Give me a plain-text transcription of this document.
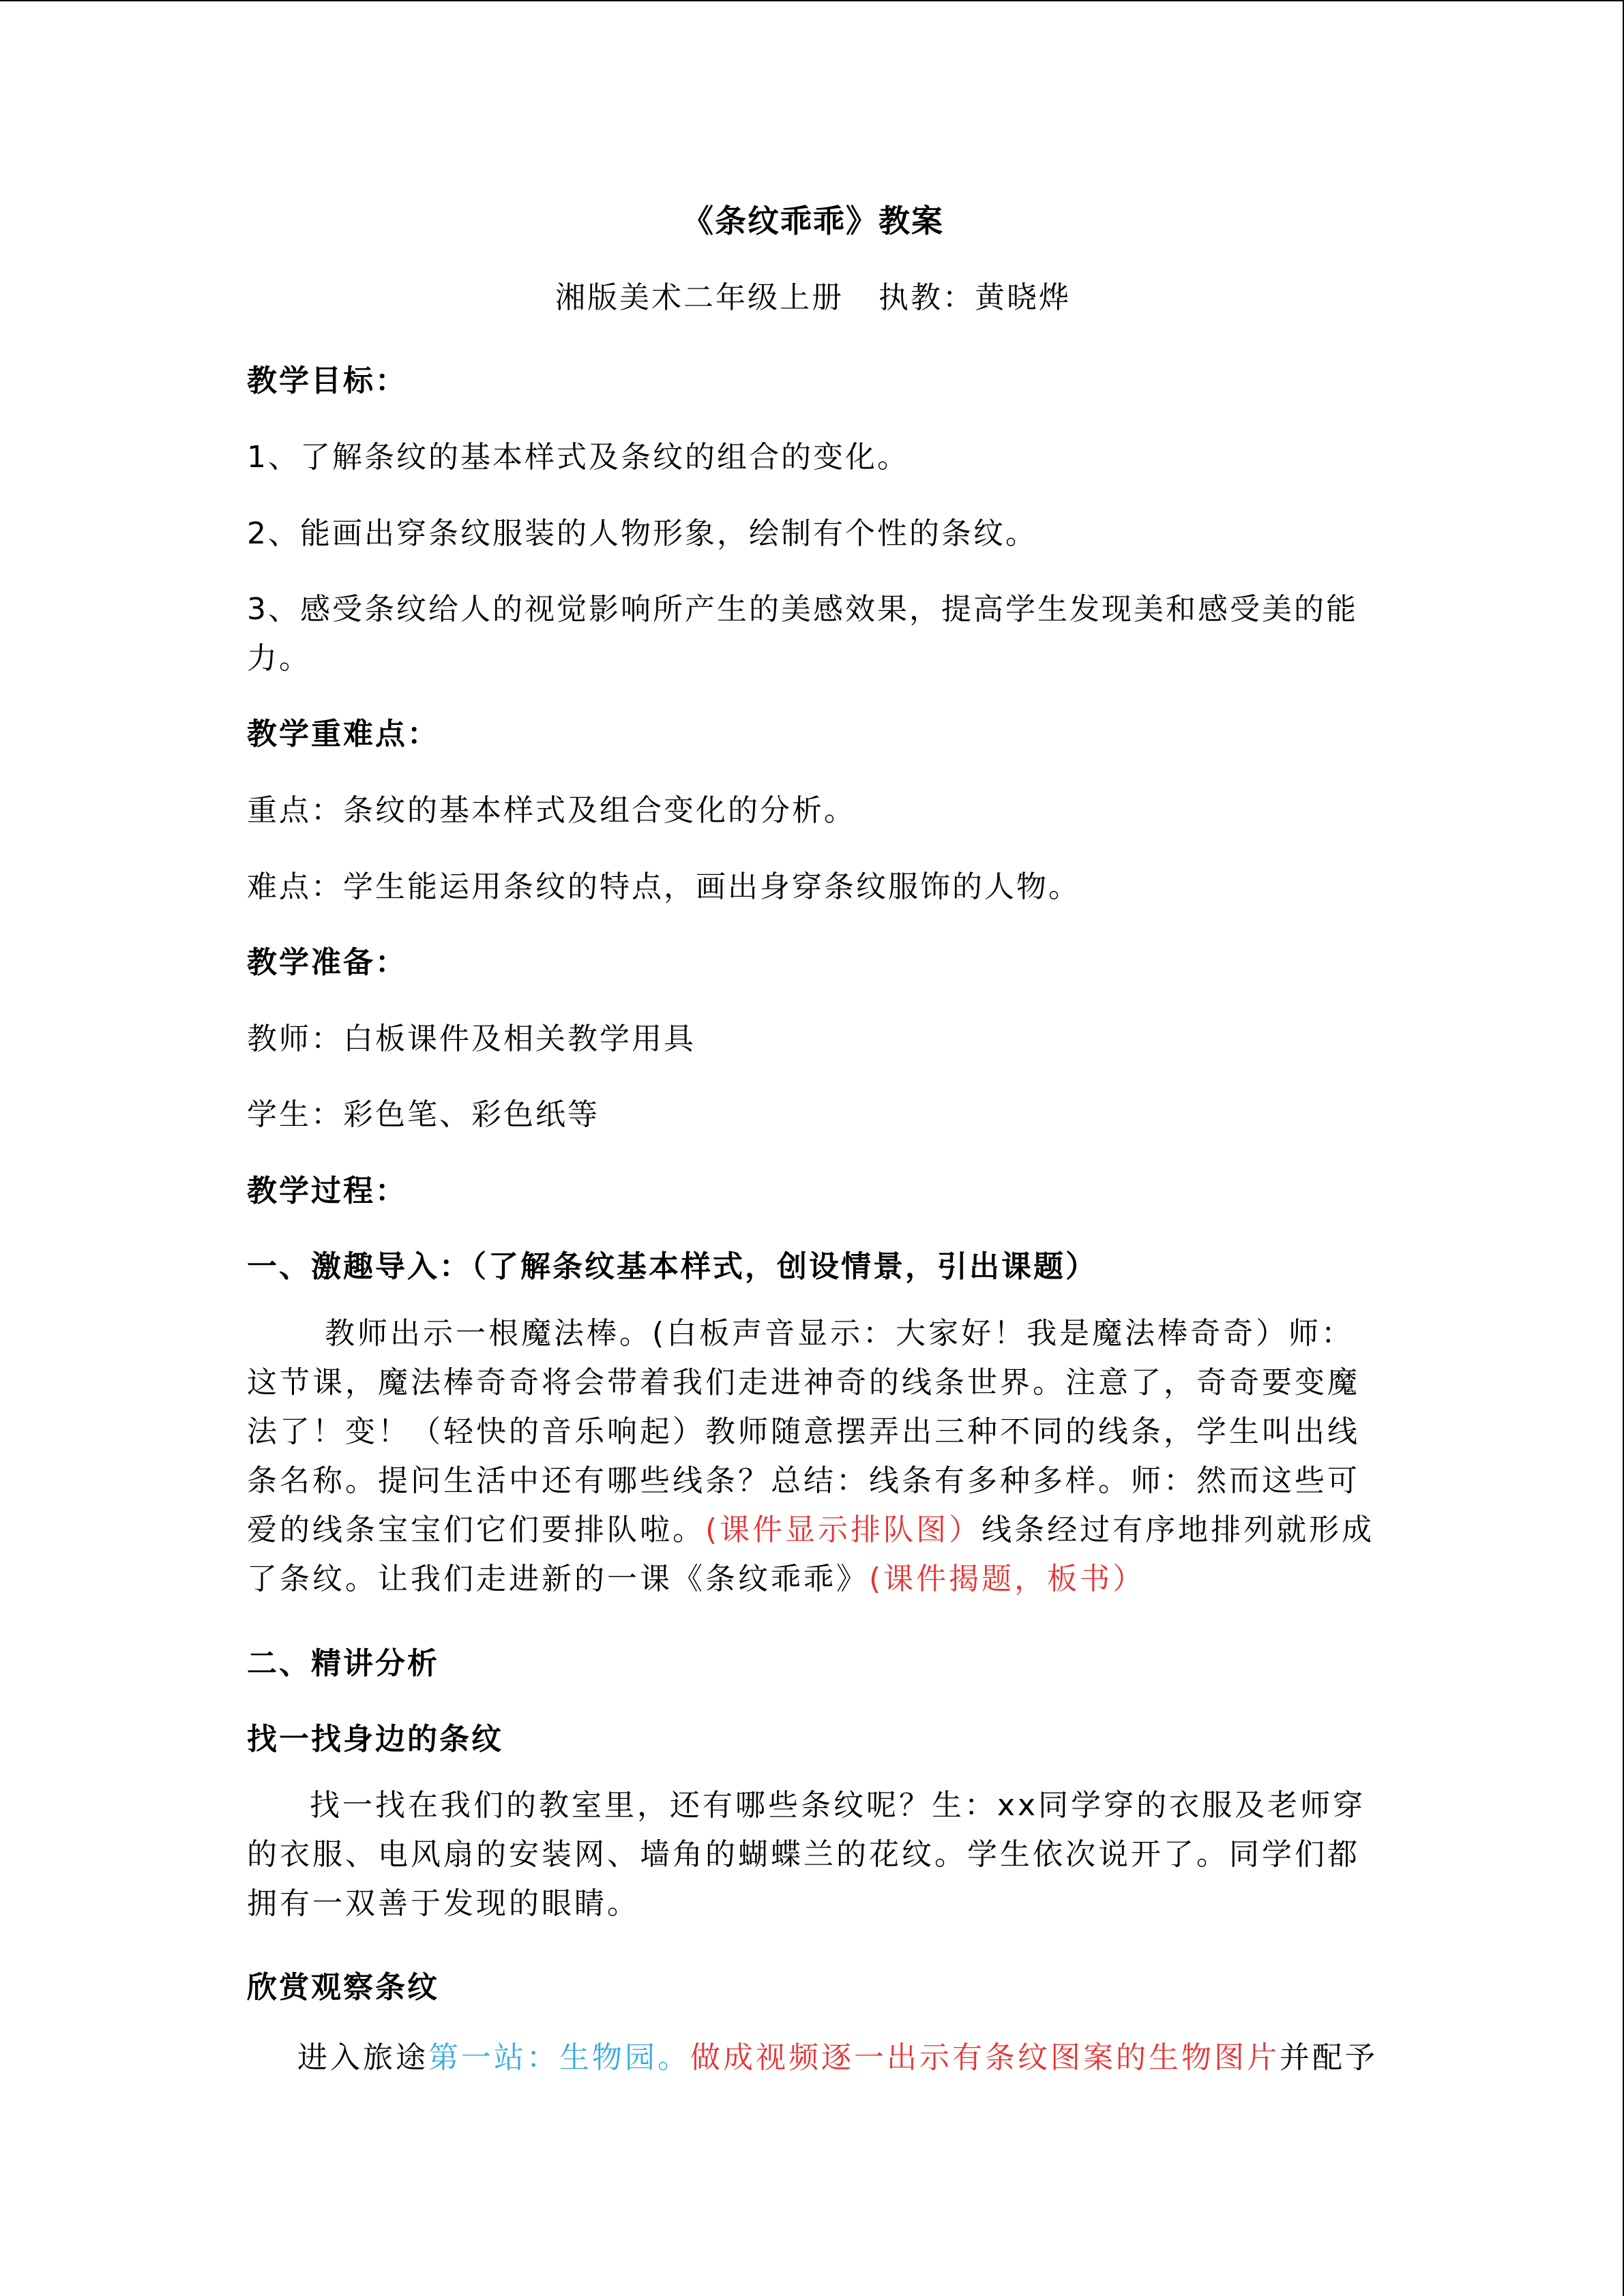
《条纹乖乖》教案
湘版美术二年级上册   执教：黄晓烨
教学目标：
1、了解条纹的基本样式及条纹的组合的变化。
2、能画出穿条纹服装的人物形象，绘制有个性的条纹。
3、感受条纹给人的视觉影响所产生的美感效果，提高学生发现美和感受美的能
力。
教学重难点：
重点：条纹的基本样式及组合变化的分析。
难点：学生能运用条纹的特点，画出身穿条纹服饰的人物。
教学准备：
教师：白板课件及相关教学用具
学生：彩色笔、彩色纸等
教学过程：
一、激趣导入：（了解条纹基本样式，创设情景，引出课题）
教师出示一根魔法棒。(白板声音显示：大家好！我是魔法棒奇奇）师：
这节课，魔法棒奇奇将会带着我们走进神奇的线条世界。注意了，奇奇要变魔
法了！变！（轻快的音乐响起）教师随意摆弄出三种不同的线条，学生叫出线
条名称。提问生活中还有哪些线条？总结：线条有多种多样。师：然而这些可
爱的线条宝宝们它们要排队啦。(课件显示排队图）线条经过有序地排列就形成
了条纹。让我们走进新的一课《条纹乖乖》(课件揭题，板书）
二、精讲分析
找一找身边的条纹
找一找在我们的教室里，还有哪些条纹呢？生：xx同学穿的衣服及老师穿
的衣服、电风扇的安装网、墙角的蝴蝶兰的花纹。学生依次说开了。同学们都
拥有一双善于发现的眼睛。
欣赏观察条纹
进入旅途第一站：生物园。做成视频逐一出示有条纹图案的生物图片并配予
